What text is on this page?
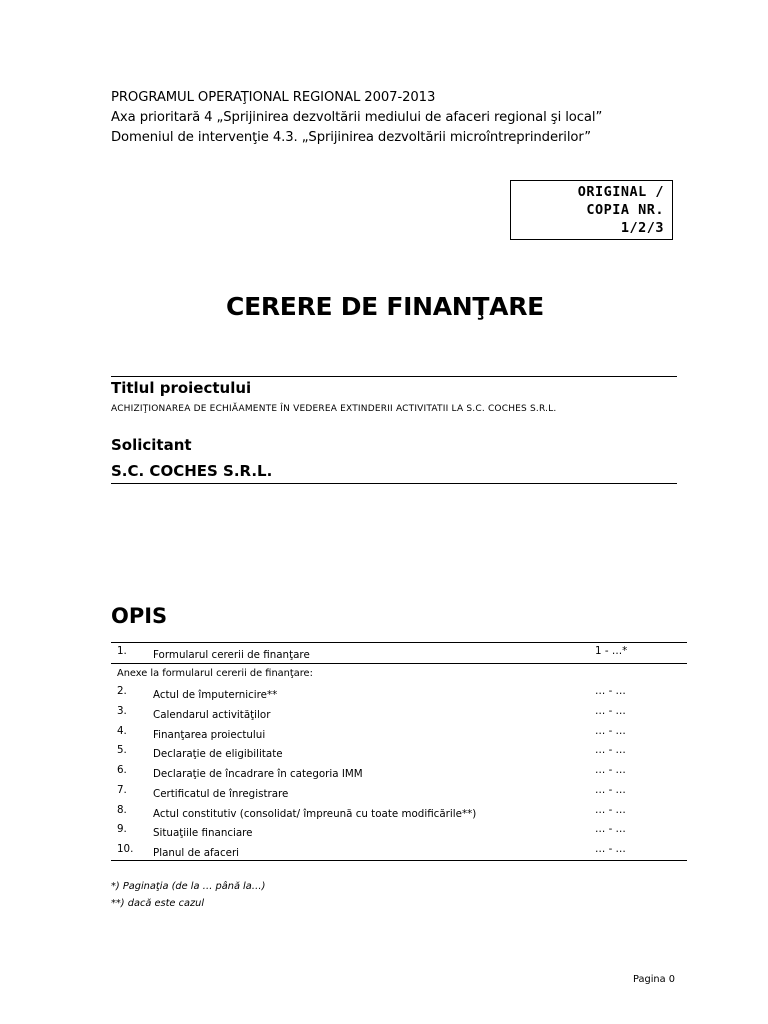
PROGRAMUL OPERAŢIONAL REGIONAL 2007-2013
Axa prioritară 4 „Sprijinirea dezvoltării mediului de afaceri regional şi local”
Domeniul de intervenţie 4.3. „Sprijinirea dezvoltării microîntreprinderilor”
ORIGINAL /
COPIA NR.
1/2/3
CERERE DE FINANŢARE
Titlul proiectului
ACHIZIŢIONAREA DE ECHIĂAMENTE ÎN VEDEREA EXTINDERII ACTIVITATII LA S.C. COCHES S.R.L.
Solicitant
S.C. COCHES S.R.L.
OPIS
1.	Formularul cererii de finanţare	1 - …*
Anexe la formularul cererii de finanţare:
2.	Actul de împuternicire**	… - …
3.	Calendarul activităţilor	… - …
4.	Finanţarea proiectului	… - …
5.	Declaraţie de eligibilitate	… - …
6.	Declaraţie de încadrare în categoria IMM	… - …
7.	Certificatul de înregistrare	… - …
8.	Actul constitutiv (consolidat/ împreună cu toate modificările**)	… - …
9.	Situaţiile financiare	… - …
10. Planul de afaceri	… - …
*) Paginaţia (de la … până la…)
**) dacă este cazul
Pagina 0
